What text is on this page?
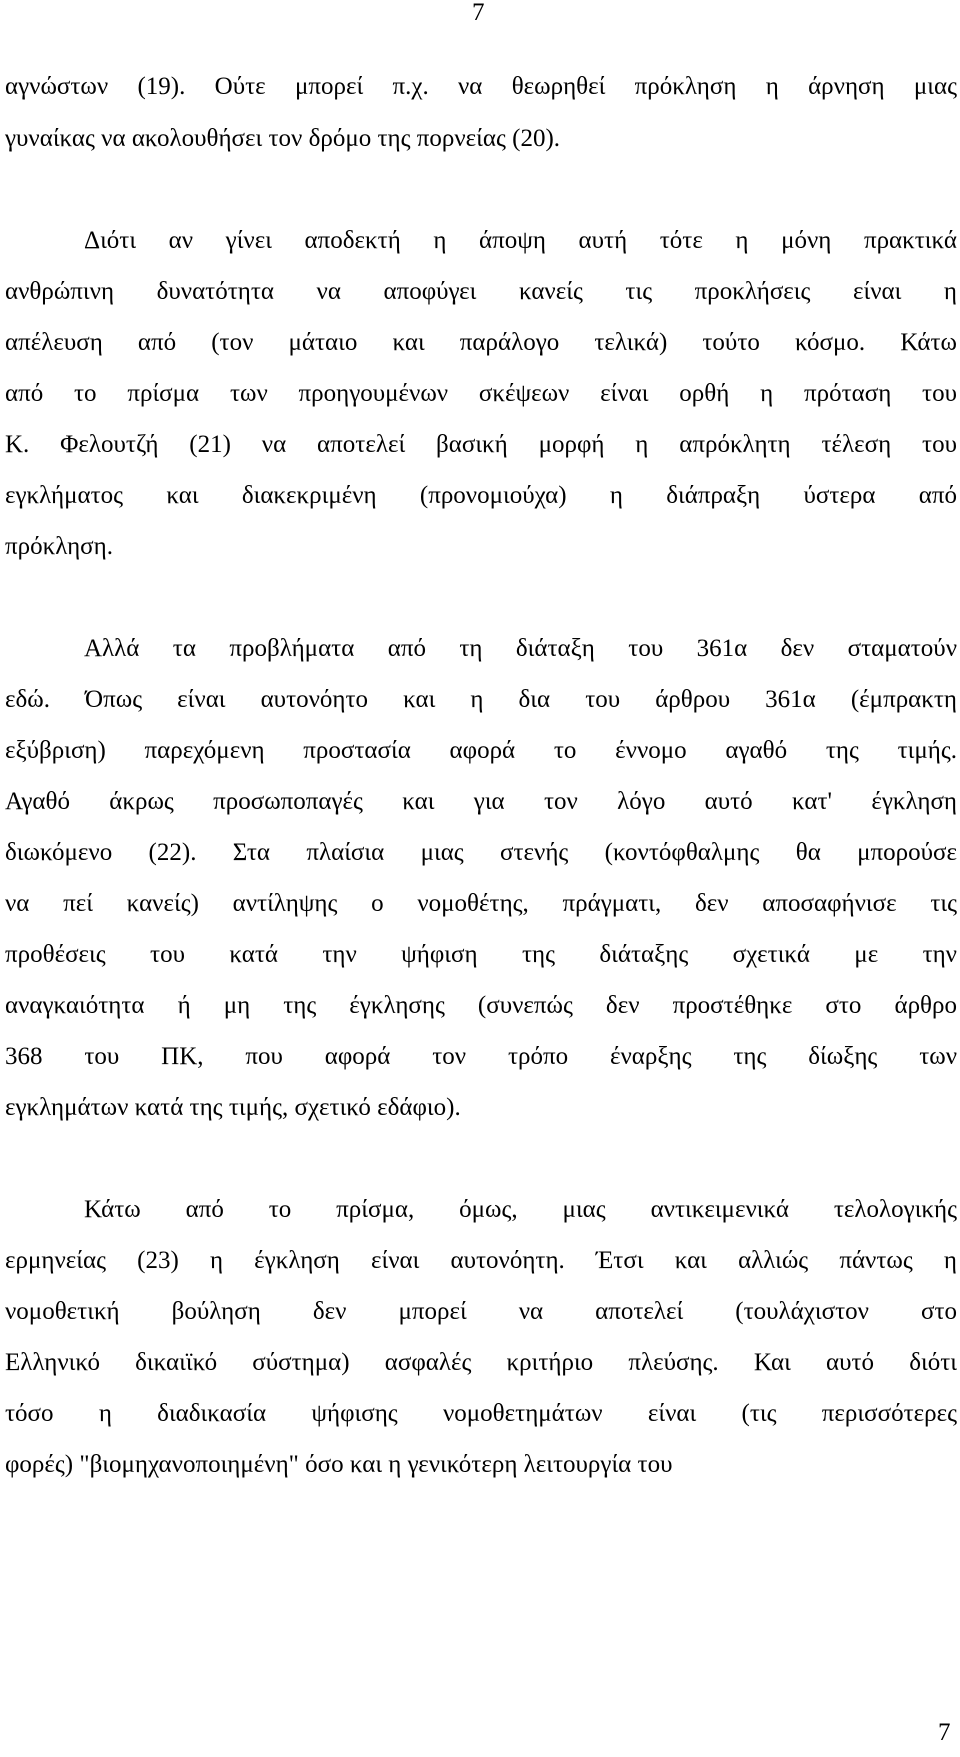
7
αγνώστων (19). Ούτε μπορεί π.χ. να θεωρηθεί πρόκληση η άρνηση μιας
γυναίκας να ακολουθήσει τον δρόμο της πορνείας (20).
Διότι αν γίνει αποδεκτή η άποψη αυτή τότε η μόνη πρακτικά
ανθρώπινη δυνατότητα να αποφύγει κανείς τις προκλήσεις είναι η
απέλευση από (τον μάταιο και παράλογο τελικά) τούτο κόσμο. Κάτω
από το πρίσμα των προηγουμένων σκέψεων είναι ορθή η πρόταση του
Κ. Φελουτζή (21) να αποτελεί βασική μορφή η απρόκλητη τέλεση του
εγκλήματος και διακεκριμένη (προνομιούχα) η διάπραξη ύστερα από
πρόκληση.
Αλλά τα προβλήματα από τη διάταξη του 361α δεν σταματούν
εδώ. Όπως είναι αυτονόητο και η δια του άρθρου 361α (έμπρακτη
εξύβριση) παρεχόμενη προστασία αφορά το έννομο αγαθό της τιμής.
Αγαθό άκρως προσωποπαγές και για τον λόγο αυτό κατ' έγκληση
διωκόμενο (22). Στα πλαίσια μιας στενής (κοντόφθαλμης θα μπορούσε
να πεί κανείς) αντίληψης ο νομοθέτης, πράγματι, δεν αποσαφήνισε τις
προθέσεις του κατά την ψήφιση της διάταξης σχετικά με την
αναγκαιότητα ή μη της έγκλησης (συνεπώς δεν προστέθηκε στο άρθρο
368 του ΠΚ, που αφορά τον τρόπο έναρξης της δίωξης των
εγκλημάτων κατά της τιμής, σχετικό εδάφιο).
Κάτω από το πρίσμα, όμως, μιας αντικειμενικά τελολογικής
ερμηνείας (23) η έγκληση είναι αυτονόητη. Έτσι και αλλιώς πάντως η
νομοθετική βούληση δεν μπορεί να αποτελεί (τουλάχιστον στο
Ελληνικό δικαιϊκό σύστημα) ασφαλές κριτήριο πλεύσης. Και αυτό διότι
τόσο η διαδικασία ψήφισης νομοθετημάτων είναι (τις περισσότερες
φορές) "βιομηχανοποιημένη" όσο και η γενικότερη λειτουργία του
7
